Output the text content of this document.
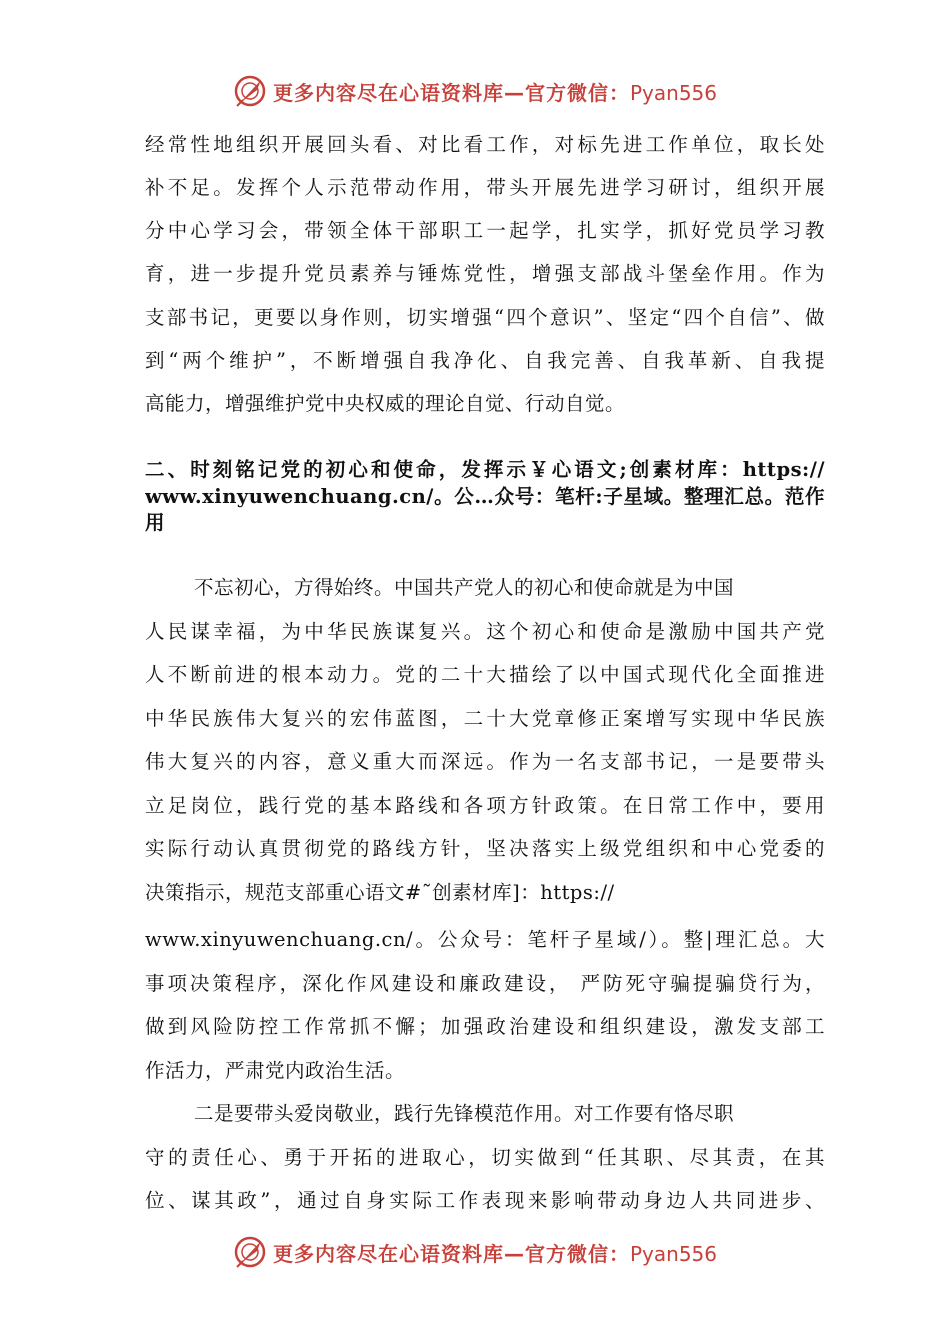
更多内容尽在心语资料库—官方微信：Pyan556
经常性地组织开展回头看、对比看工作，对标先进工作单位，取长处
补不足。发挥个人示范带动作用，带头开展先进学习研讨，组织开展
分中心学习会，带领全体干部职工一起学，扎实学，抓好党员学习教
育，进一步提升党员素养与锤炼党性，增强支部战斗堡垒作用。作为
支部书记，更要以身作则，切实增强“四个意识”、坚定“四个自信”、做
到“两个维护”，不断增强自我净化、自我完善、自我革新、自我提
高能力，增强维护党中央权威的理论自觉、行动自觉。
二、时刻铭记党的初心和使命，发挥示￥心语文;创素材库：https://
www.xinyuwenchuang.cn/。公…众号：笔杆:子星域。整理汇总。范作
用
不忘初心，方得始终。中国共产党人的初心和使命就是为中国
人民谋幸福，为中华民族谋复兴。这个初心和使命是激励中国共产党
人不断前进的根本动力。党的二十大描绘了以中国式现代化全面推进
中华民族伟大复兴的宏伟蓝图，二十大党章修正案增写实现中华民族
伟大复兴的内容，意义重大而深远。作为一名支部书记，一是要带头
立足岗位，践行党的基本路线和各项方针政策。在日常工作中，要用
实际行动认真贯彻党的路线方针，坚决落实上级党组织和中心党委的
决策指示，规范支部重心语文#˜创素材库]：https://
www.xinyuwenchuang.cn/。公众号：笔杆子星域/）。整|理汇总。大
事项决策程序，深化作风建设和廉政建设， 严防死守骗提骗贷行为，
做到风险防控工作常抓不懈；加强政治建设和组织建设，激发支部工
作活力，严肃党内政治生活。
二是要带头爱岗敬业，践行先锋模范作用。对工作要有恪尽职
守的责任心、勇于开拓的进取心，切实做到“任其职、尽其责，在其
位、谋其政”，通过自身实际工作表现来影响带动身边人共同进步、
更多内容尽在心语资料库—官方微信：Pyan556
